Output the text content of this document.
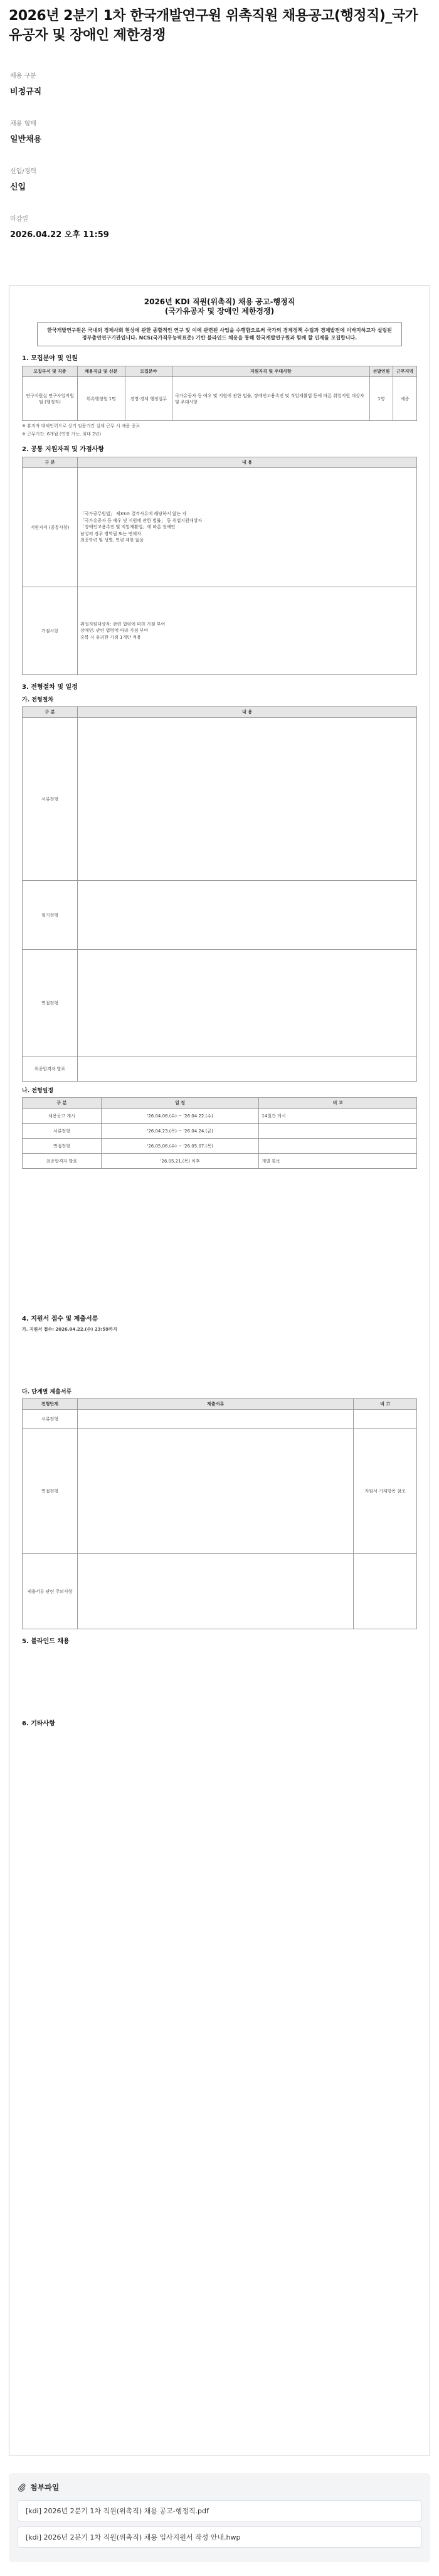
2026년 2분기 1차 한국개발연구원 위촉직원 채용공고(행정직)_국가유공자 및 장애인 제한경쟁
채용 구분
비정규직
채용 형태
일반채용
신입/경력
신입
마감일
2026.04.22 오후 11:59
2026년 KDI 직원(위촉직) 채용 공고-행정직
(국가유공자 및 장애인 제한경쟁)
한국개발연구원은 국내외 경제사회 현상에 관한 종합적인 연구 및 이에 관련된 사업을 수행함으로써 국가의 경제정책 수립과 경제발전에 이바지하고자 설립된 정부출연연구기관입니다. NCS(국가직무능력표준) 기반 블라인드 채용을 통해 한국개발연구원과 함께 할 인재를 모집합니다.
1. 모집분야 및 인원
모집부서 및 직종	채용직급 및 신분	모집분야	지원자격 및 우대사항	선발인원	근무지역
연구지원실 연구사업지원팀 (행정직)	위촉행정원 1명	경영·경제 행정업무	국가유공자 등 예우 및 지원에 관한 법률, 장애인고용촉진 및 직업재활법 등에 따른 취업지원 대상자 및 우대사항	1명	세종
※ 휴직자 대체인력으로 상기 임용기간 실제 근무 시 채용 종료
※ 근무기간: 6개월 (연장 가능, 최대 2년)
2. 공통 지원자격 및 가점사항
구 분	내 용
지원자격 (공통사항)	「국가공무원법」 제33조 결격사유에 해당하지 않는 자
「국가유공자 등 예우 및 지원에 관한 법률」 등 취업지원대상자
「장애인고용촉진 및 직업재활법」에 따른 장애인
남성의 경우 병역필 또는 면제자
최종학력 및 성별, 연령 제한 없음

가점사항	취업지원대상자: 관련 법령에 따라 가점 부여
장애인: 관련 법령에 따라 가점 부여
중복 시 유리한 가점 1개만 적용
3. 전형절차 및 일정
가. 전형절차
구 분	내 용
서류전형	
필기전형	
면접전형	
최종합격자 발표	
나. 전형일정
구 분	일 정	비 고
채용공고 게시	'26.04.08.(수) ~ '26.04.22.(수)	14일간 게시
서류전형	'26.04.23.(목) ~ '26.04.24.(금)	
면접전형	'26.05.06.(수) ~ '26.05.07.(목)	
최종합격자 발표	'26.05.21.(목) 이후	개별 통보
4. 지원서 접수 및 제출서류
가. 지원서 접수: 2026.04.22.(수) 23:59까지
다. 단계별 제출서류
전형단계	제출서류	비 고
서류전형		
면접전형		지원서 기재항목 참조
제출서류 관련 주의사항		
5. 블라인드 채용
6. 기타사항
첨부파일
[kdi] 2026년 2분기 1차 직원(위촉직) 채용 공고-행정직.pdf
[kdi] 2026년 2분기 1차 직원(위촉직) 채용 입사지원서 작성 안내.hwp
